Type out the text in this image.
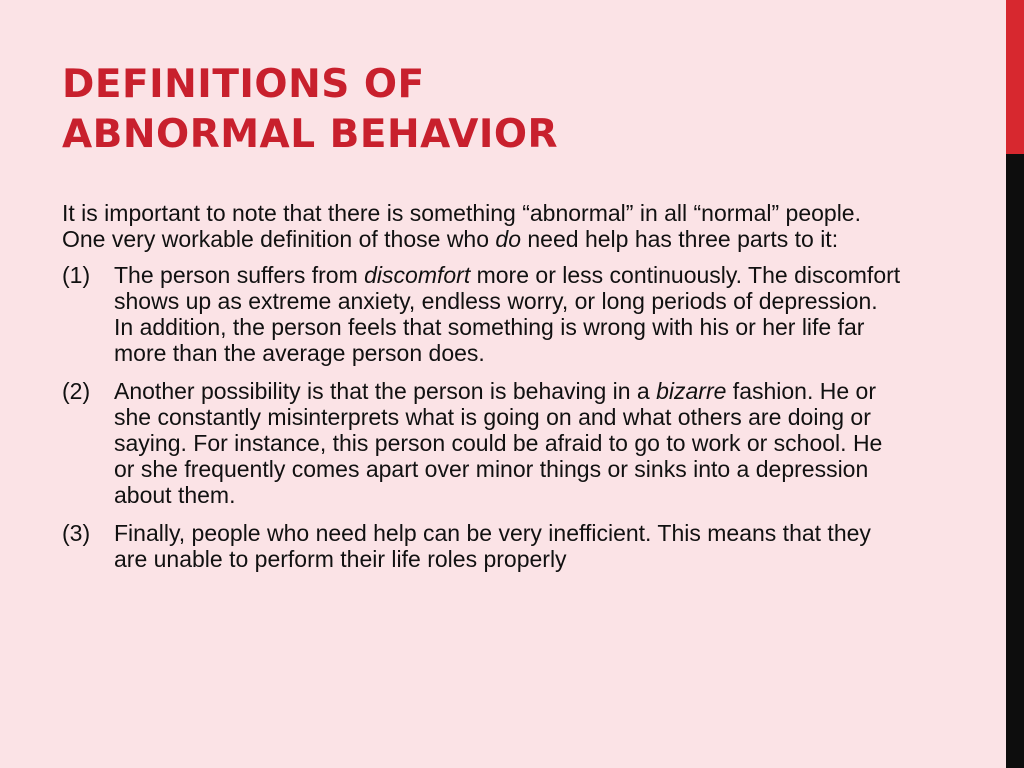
DEFINITIONS OF
ABNORMAL BEHAVIOR

It is important to note that there is something “abnormal” in all “normal” people. One very workable definition of those who do need help has three parts to it:

(1)	The person suffers from discomfort more or less continuously. The discomfort shows up as extreme anxiety, endless worry, or long periods of depression. In addition, the person feels that something is wrong with his or her life far more than the average person does.
(2)	Another possibility is that the person is behaving in a bizarre fashion. He or she constantly misinterprets what is going on and what others are doing or saying. For instance, this person could be afraid to go to work or school. He or she frequently comes apart over minor things or sinks into a depression about them.
(3)	Finally, people who need help can be very inefficient. This means that they are unable to perform their life roles properly
